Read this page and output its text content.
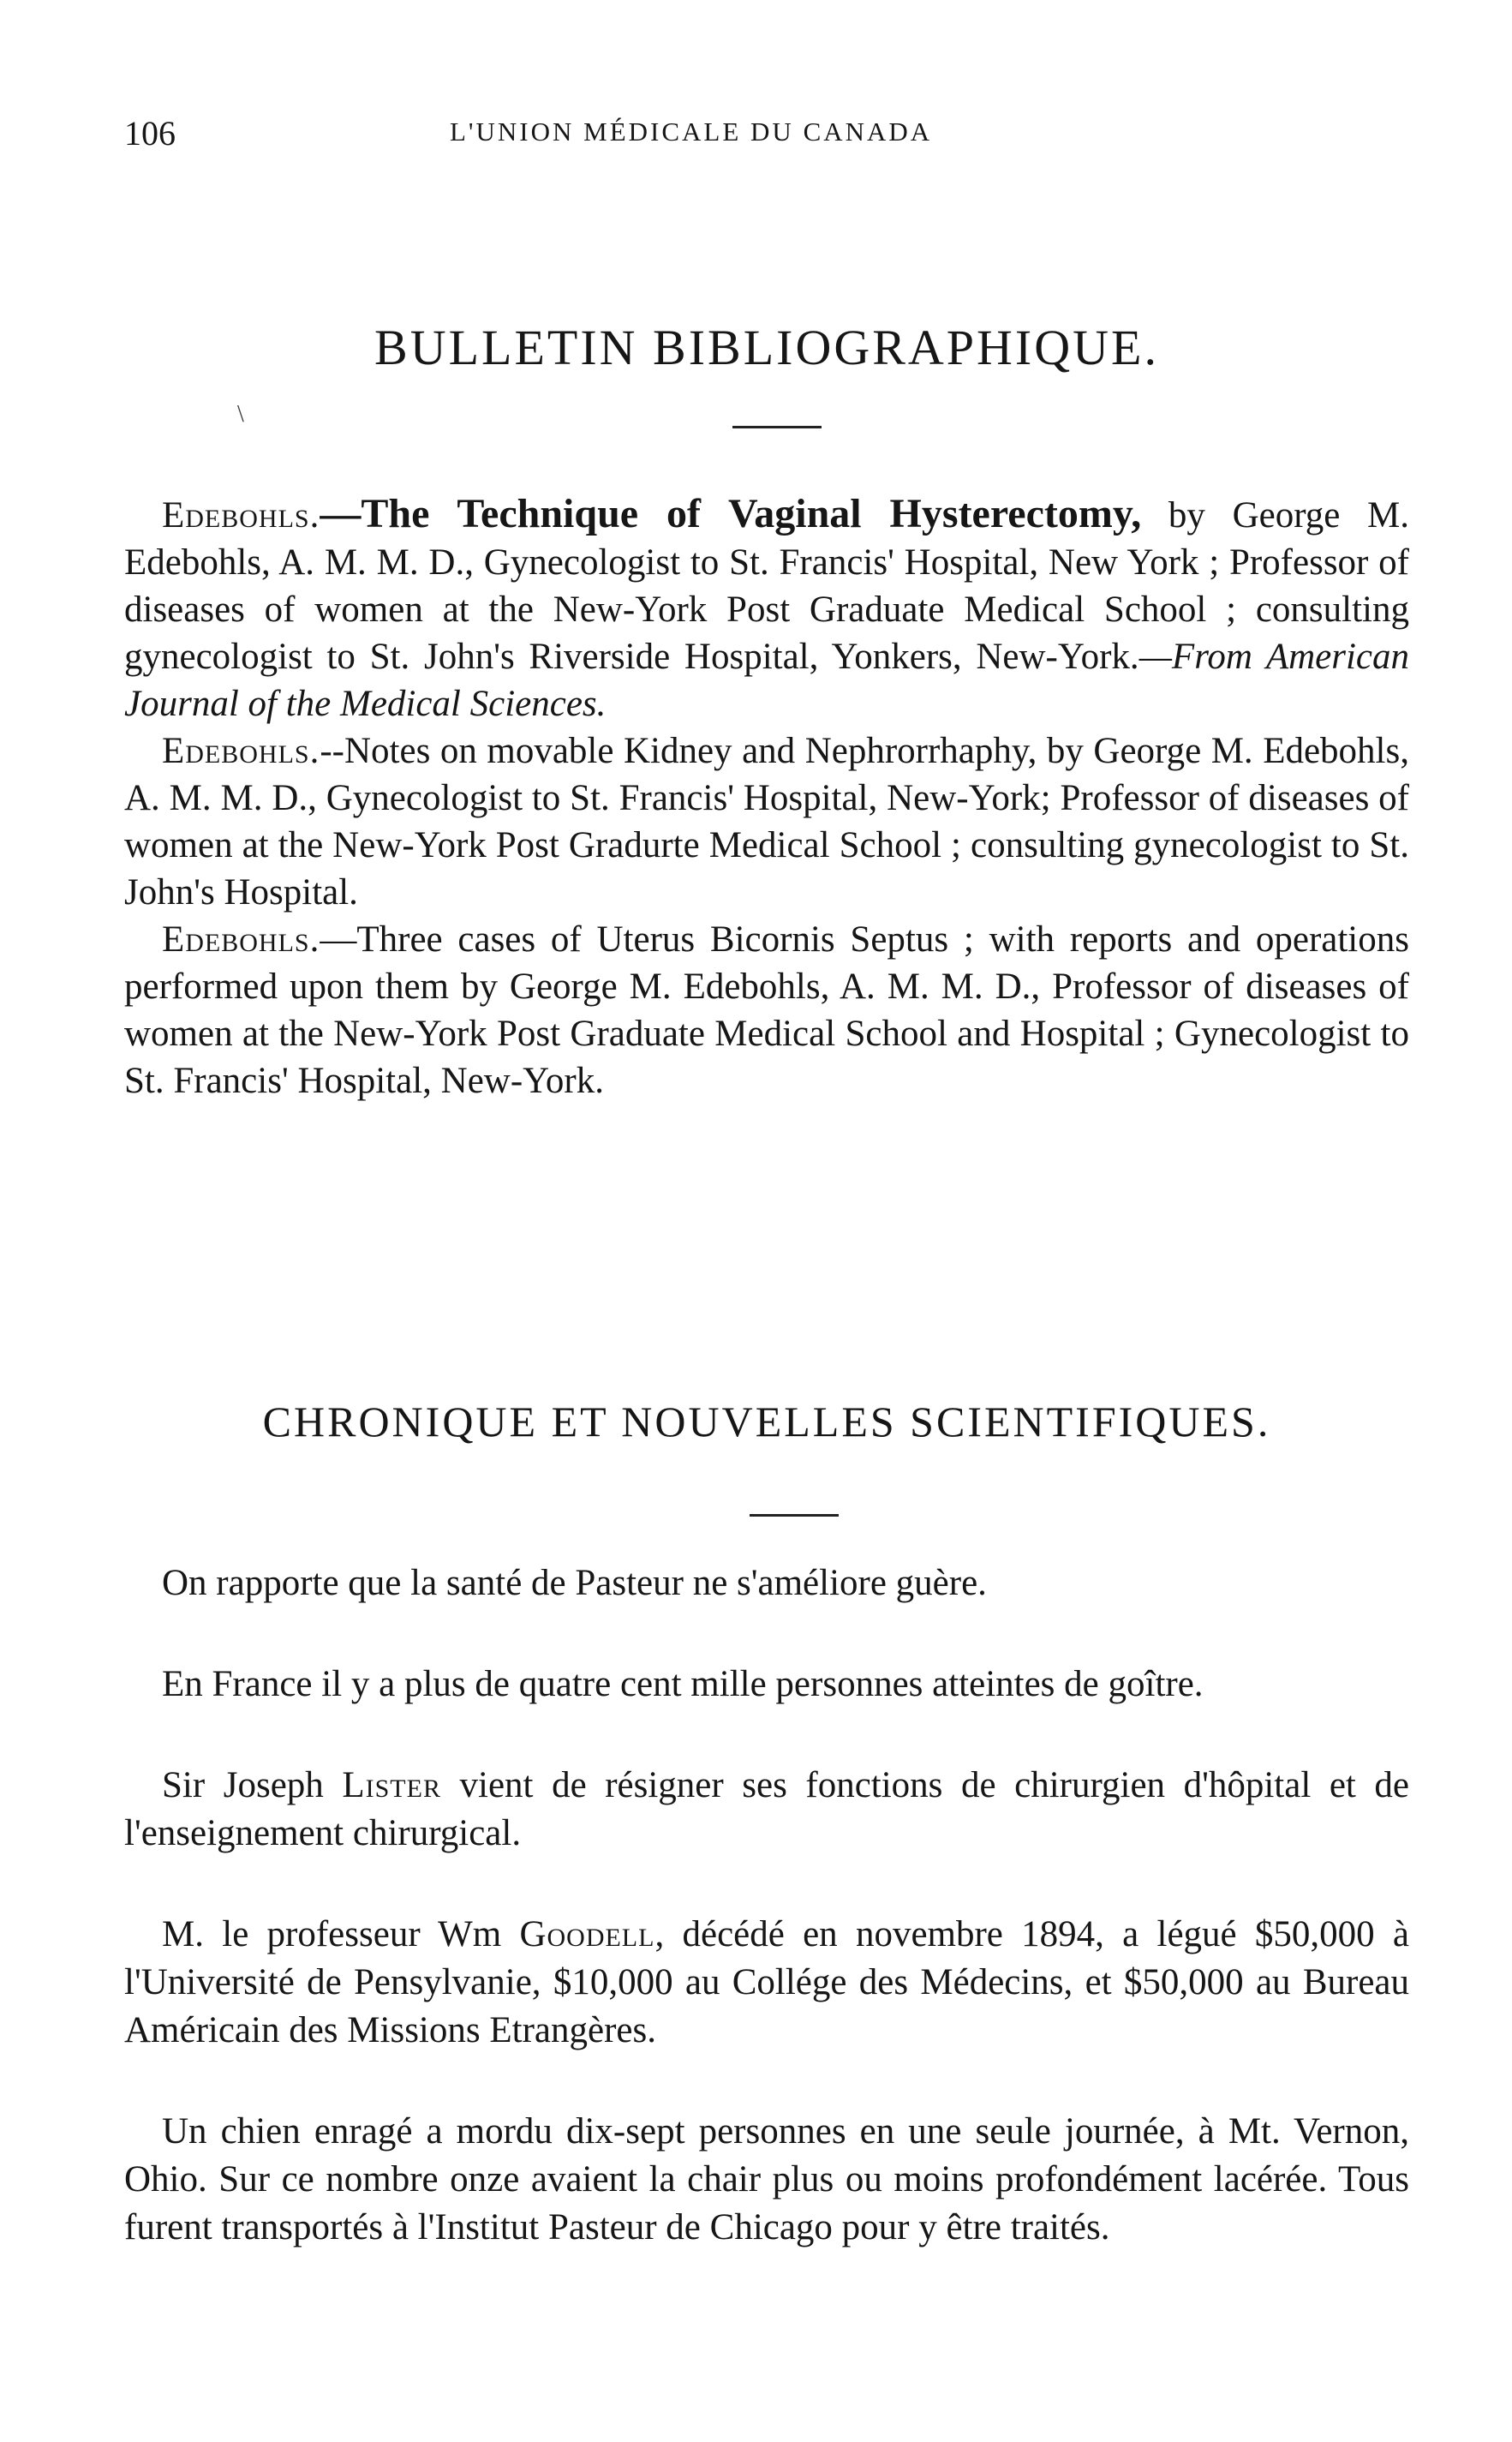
106	L'UNION MÉDICALE DU CANADA
BULLETIN BIBLIOGRAPHIQUE.
\

Edebohls.—The Technique of Vaginal Hysterectomy, by George M. Edebohls, A. M. M. D., Gynecologist to St. Francis' Hospital, New York ; Professor of diseases of women at the New-York Post Graduate Medical School ; consulting gynecologist to St. John's Riverside Hospital, Yonkers, New-York.—From American Journal of the Medical Sciences.

Edebohls.--Notes on movable Kidney and Nephrorrhaphy, by George M. Edebohls, A. M. M. D., Gynecologist to St. Francis' Hospital, New-York; Professor of diseases of women at the New-York Post Gradurte Medical School ; consulting gynecologist to St. John's Hospital.

Edebohls.—Three cases of Uterus Bicornis Septus ; with reports and operations performed upon them by George M. Edebohls, A. M. M. D., Professor of diseases of women at the New-York Post Graduate Medical School and Hospital ; Gynecologist to St. Francis' Hospital, New-York.

CHRONIQUE ET NOUVELLES SCIENTIFIQUES.

On rapporte que la santé de Pasteur ne s'améliore guère.

En France il y a plus de quatre cent mille personnes atteintes de goître.

Sir Joseph Lister vient de résigner ses fonctions de chirurgien d'hôpital et de l'enseignement chirurgical.

M. le professeur Wm Goodell, décédé en novembre 1894, a légué $50,000 à l'Université de Pensylvanie, $10,000 au Collége des Médecins, et $50,000 au Bureau Américain des Missions Etrangères.

Un chien enragé a mordu dix-sept personnes en une seule journée, à Mt. Vernon, Ohio. Sur ce nombre onze avaient la chair plus ou moins profondément lacérée. Tous furent transportés à l'Institut Pasteur de Chicago pour y être traités.
